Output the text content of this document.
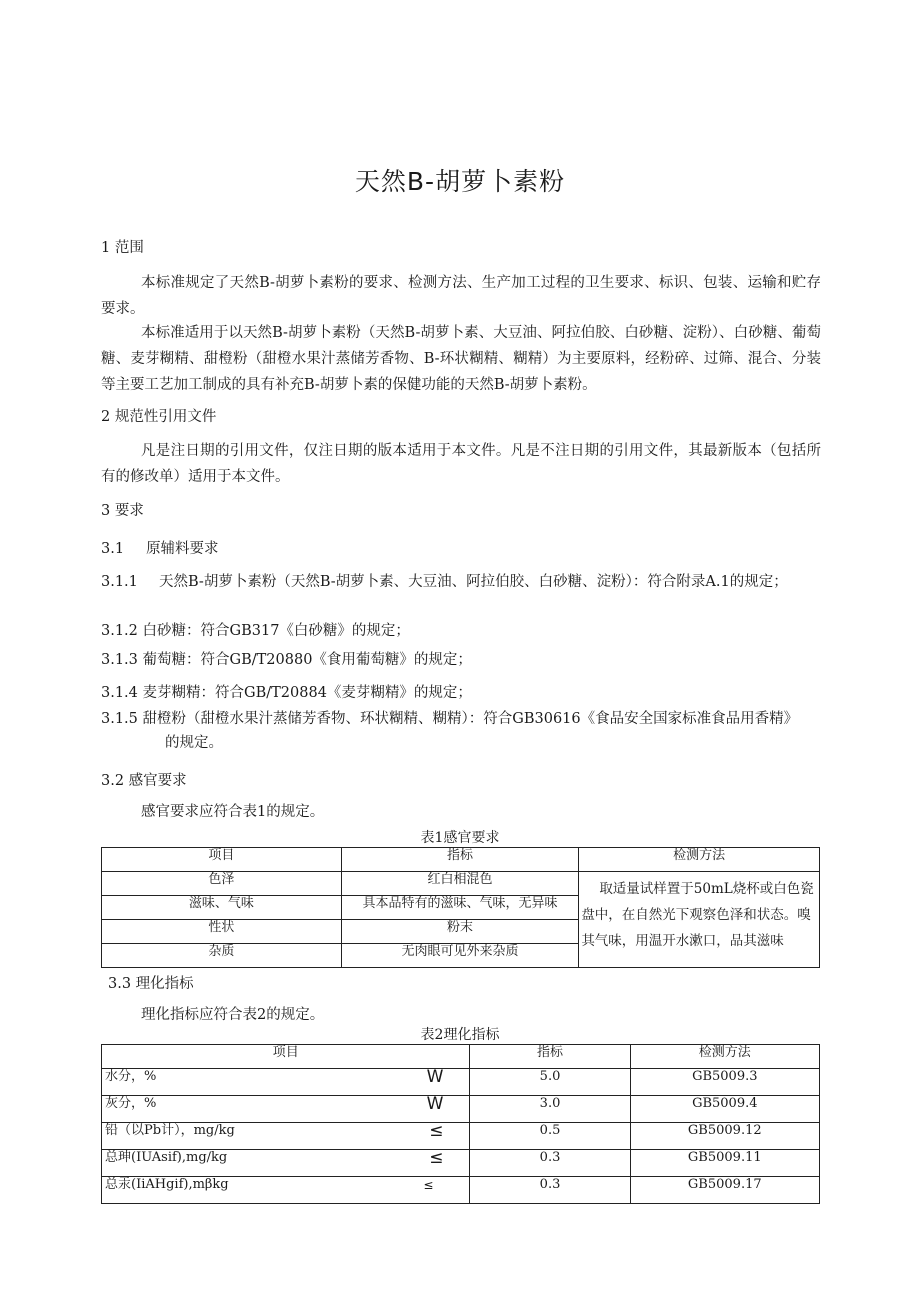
天然B-胡萝卜素粉
1 范围
本标准规定了天然B-胡萝卜素粉的要求、检测方法、生产加工过程的卫生要求、标识、包装、运输和贮存要求。
本标准适用于以天然B-胡萝卜素粉（天然B-胡萝卜素、大豆油、阿拉伯胶、白砂糖、淀粉）、白砂糖、葡萄糖、麦芽糊精、甜橙粉（甜橙水果汁蒸储芳香物、B-环状糊精、糊精）为主要原料，经粉碎、过筛、混合、分装等主要工艺加工制成的具有补充B-胡萝卜素的保健功能的天然B-胡萝卜素粉。
2 规范性引用文件
凡是注日期的引用文件，仅注日期的版本适用于本文件。凡是不注日期的引用文件，其最新版本（包括所有的修改单）适用于本文件。
3 要求
3.1 原辅料要求
3.1.1 天然B-胡萝卜素粉（天然B-胡萝卜素、大豆油、阿拉伯胶、白砂糖、淀粉）：符合附录A.1的规定；
3.1.2 白砂糖：符合GB317《白砂糖》的规定；
3.1.3 葡萄糖：符合GB/T20880《食用葡萄糖》的规定；
3.1.4 麦芽糊精：符合GB/T20884《麦芽糊精》的规定；
3.1.5 甜橙粉（甜橙水果汁蒸储芳香物、环状糊精、糊精）：符合GB30616《食品安全国家标准食品用香精》
的规定。
3.2 感官要求
感官要求应符合表1的规定。
表1感官要求
项目	指标	检测方法
色泽	红白相混色	取适量试样置于50mL烧杯或白色瓷盘中，在自然光下观察色泽和状态。嗅其气味，用温开水漱口，品其滋味
滋味、气味	具本品特有的滋味、气味，无异味	
性状	粉末	
杂质	无肉眼可见外来杂质	
3.3 理化指标
理化指标应符合表2的规定。
表2理化指标
项目		指标	检测方法
水分，%	W	5.0	GB5009.3
灰分，%	W	3.0	GB5009.4
铅（以Pb计），mg/kg	≤	0.5	GB5009.12
总珅(IUAsif),mg/kg	≤	0.3	GB5009.11
总汞(IiAHgif),mβkg	≤	0.3	GB5009.17
